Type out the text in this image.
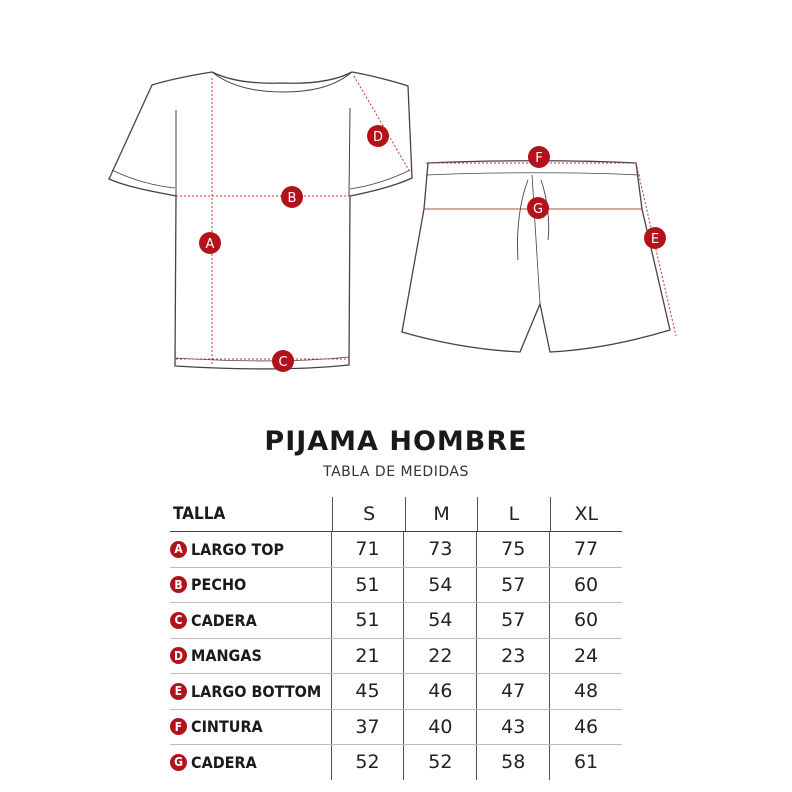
A
B
C
D
E
F
G
PIJAMA HOMBRE
TABLA DE MEDIDAS
TALLA	S	M	L	XL
A LARGO TOP	71	73	75	77
B PECHO	51	54	57	60
C CADERA	51	54	57	60
D MANGAS	21	22	23	24
E LARGO BOTTOM	45	46	47	48
F CINTURA	37	40	43	46
G CADERA	52	52	58	61
